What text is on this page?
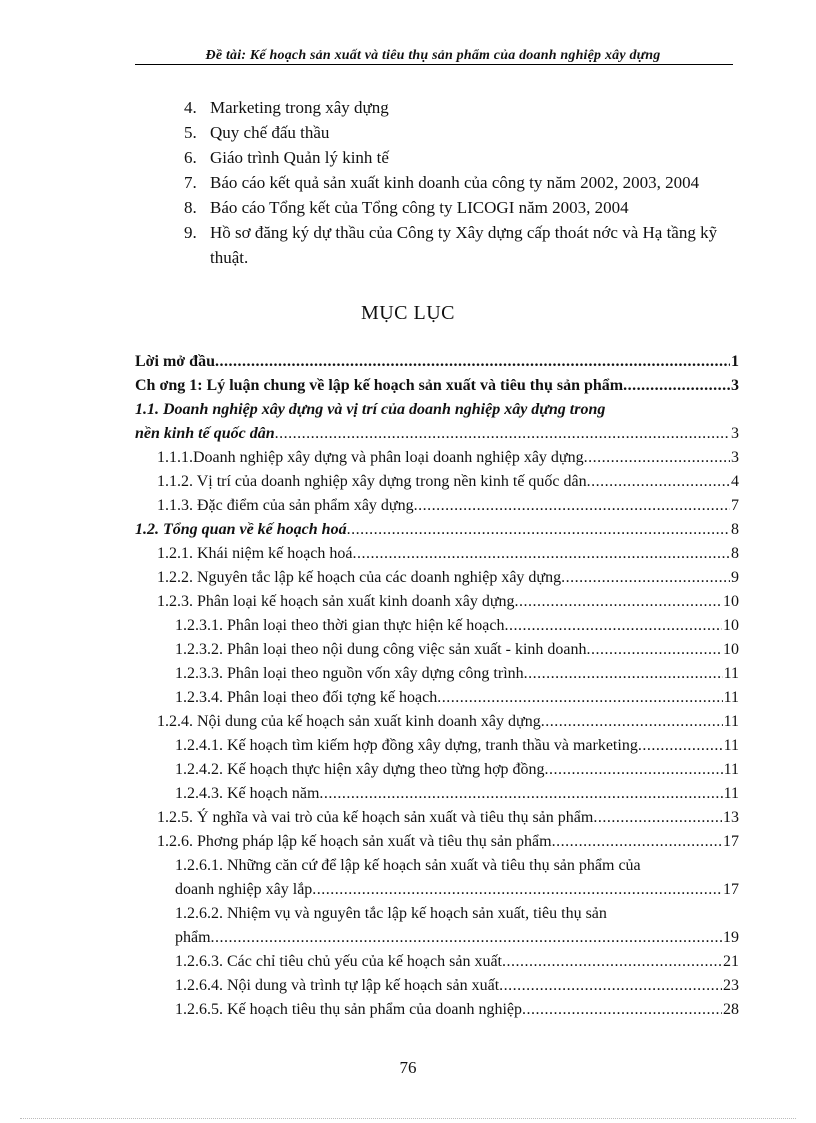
Đề tài: Kế hoạch sản xuất và tiêu thụ sản phẩm của doanh nghiệp xây dựng
4. Marketing trong xây dựng
5. Quy chế đấu thầu
6. Giáo trình Quản lý kinh tế
7. Báo cáo kết quả sản xuất kinh doanh của công ty năm 2002, 2003, 2004
8. Báo cáo Tổng kết của Tổng công ty LICOGI năm 2003, 2004
9. Hồ sơ đăng ký dự thầu của Công ty Xây dựng cấp thoát nớc và Hạ tầng kỹ thuật.
MỤC LỤC
Lời mở đầu .....	1
Ch ơng 1: Lý luận chung về lập kế hoạch sản xuất và tiêu thụ sản phẩm .....	3
1.1. Doanh nghiệp xây dựng và vị trí của doanh nghiệp xây dựng trong
nền kinh tế quốc dân .....	3
1.1.1.Doanh nghiệp xây dựng và phân loại doanh nghiệp xây dựng .....	3
1.1.2. Vị trí của doanh nghiệp xây dựng trong nền kinh tế quốc dân .....	4
1.1.3. Đặc điểm của sản phẩm xây dựng .....	7
1.2. Tổng quan về kế hoạch hoá .....	8
1.2.1. Khái niệm kế hoạch hoá .....	8
1.2.2. Nguyên tắc lập kế hoạch của các doanh nghiệp xây dựng .....	9
1.2.3. Phân loại kế hoạch sản xuất kinh doanh xây dựng .....	10
1.2.3.1. Phân loại theo thời gian thực hiện kế hoạch .....	10
1.2.3.2. Phân loại theo nội dung công việc sản xuất - kinh doanh .....	10
1.2.3.3. Phân loại theo nguồn vốn xây dựng công trình .....	11
1.2.3.4. Phân loại theo đối tợng kế hoạch .....	11
1.2.4. Nội dung của kế hoạch sản xuất kinh doanh xây dựng .....	11
1.2.4.1. Kế hoạch tìm kiếm hợp đồng xây dựng, tranh thầu và marketing .....	11
1.2.4.2. Kế hoạch thực hiện xây dựng theo từng hợp đồng .....	11
1.2.4.3. Kế hoạch năm .....	11
1.2.5. Ý nghĩa và vai trò của kế hoạch sản xuất và tiêu thụ sản phẩm .....	13
1.2.6. Phơng pháp lập kế hoạch sản xuất và tiêu thụ sản phẩm .....	17
1.2.6.1. Những căn cứ để lập kế hoạch sản xuất và tiêu thụ sản phẩm của
doanh nghiệp xây lắp .....	17
1.2.6.2. Nhiệm vụ và nguyên tắc lập kế hoạch sản xuất, tiêu thụ sản
phẩm .....	19
1.2.6.3. Các chỉ tiêu chủ yếu của kế hoạch sản xuất .....	21
1.2.6.4. Nội dung và trình tự lập kế hoạch sản xuất .....	23
1.2.6.5. Kế hoạch tiêu thụ sản phẩm của doanh nghiệp .....	28
76
